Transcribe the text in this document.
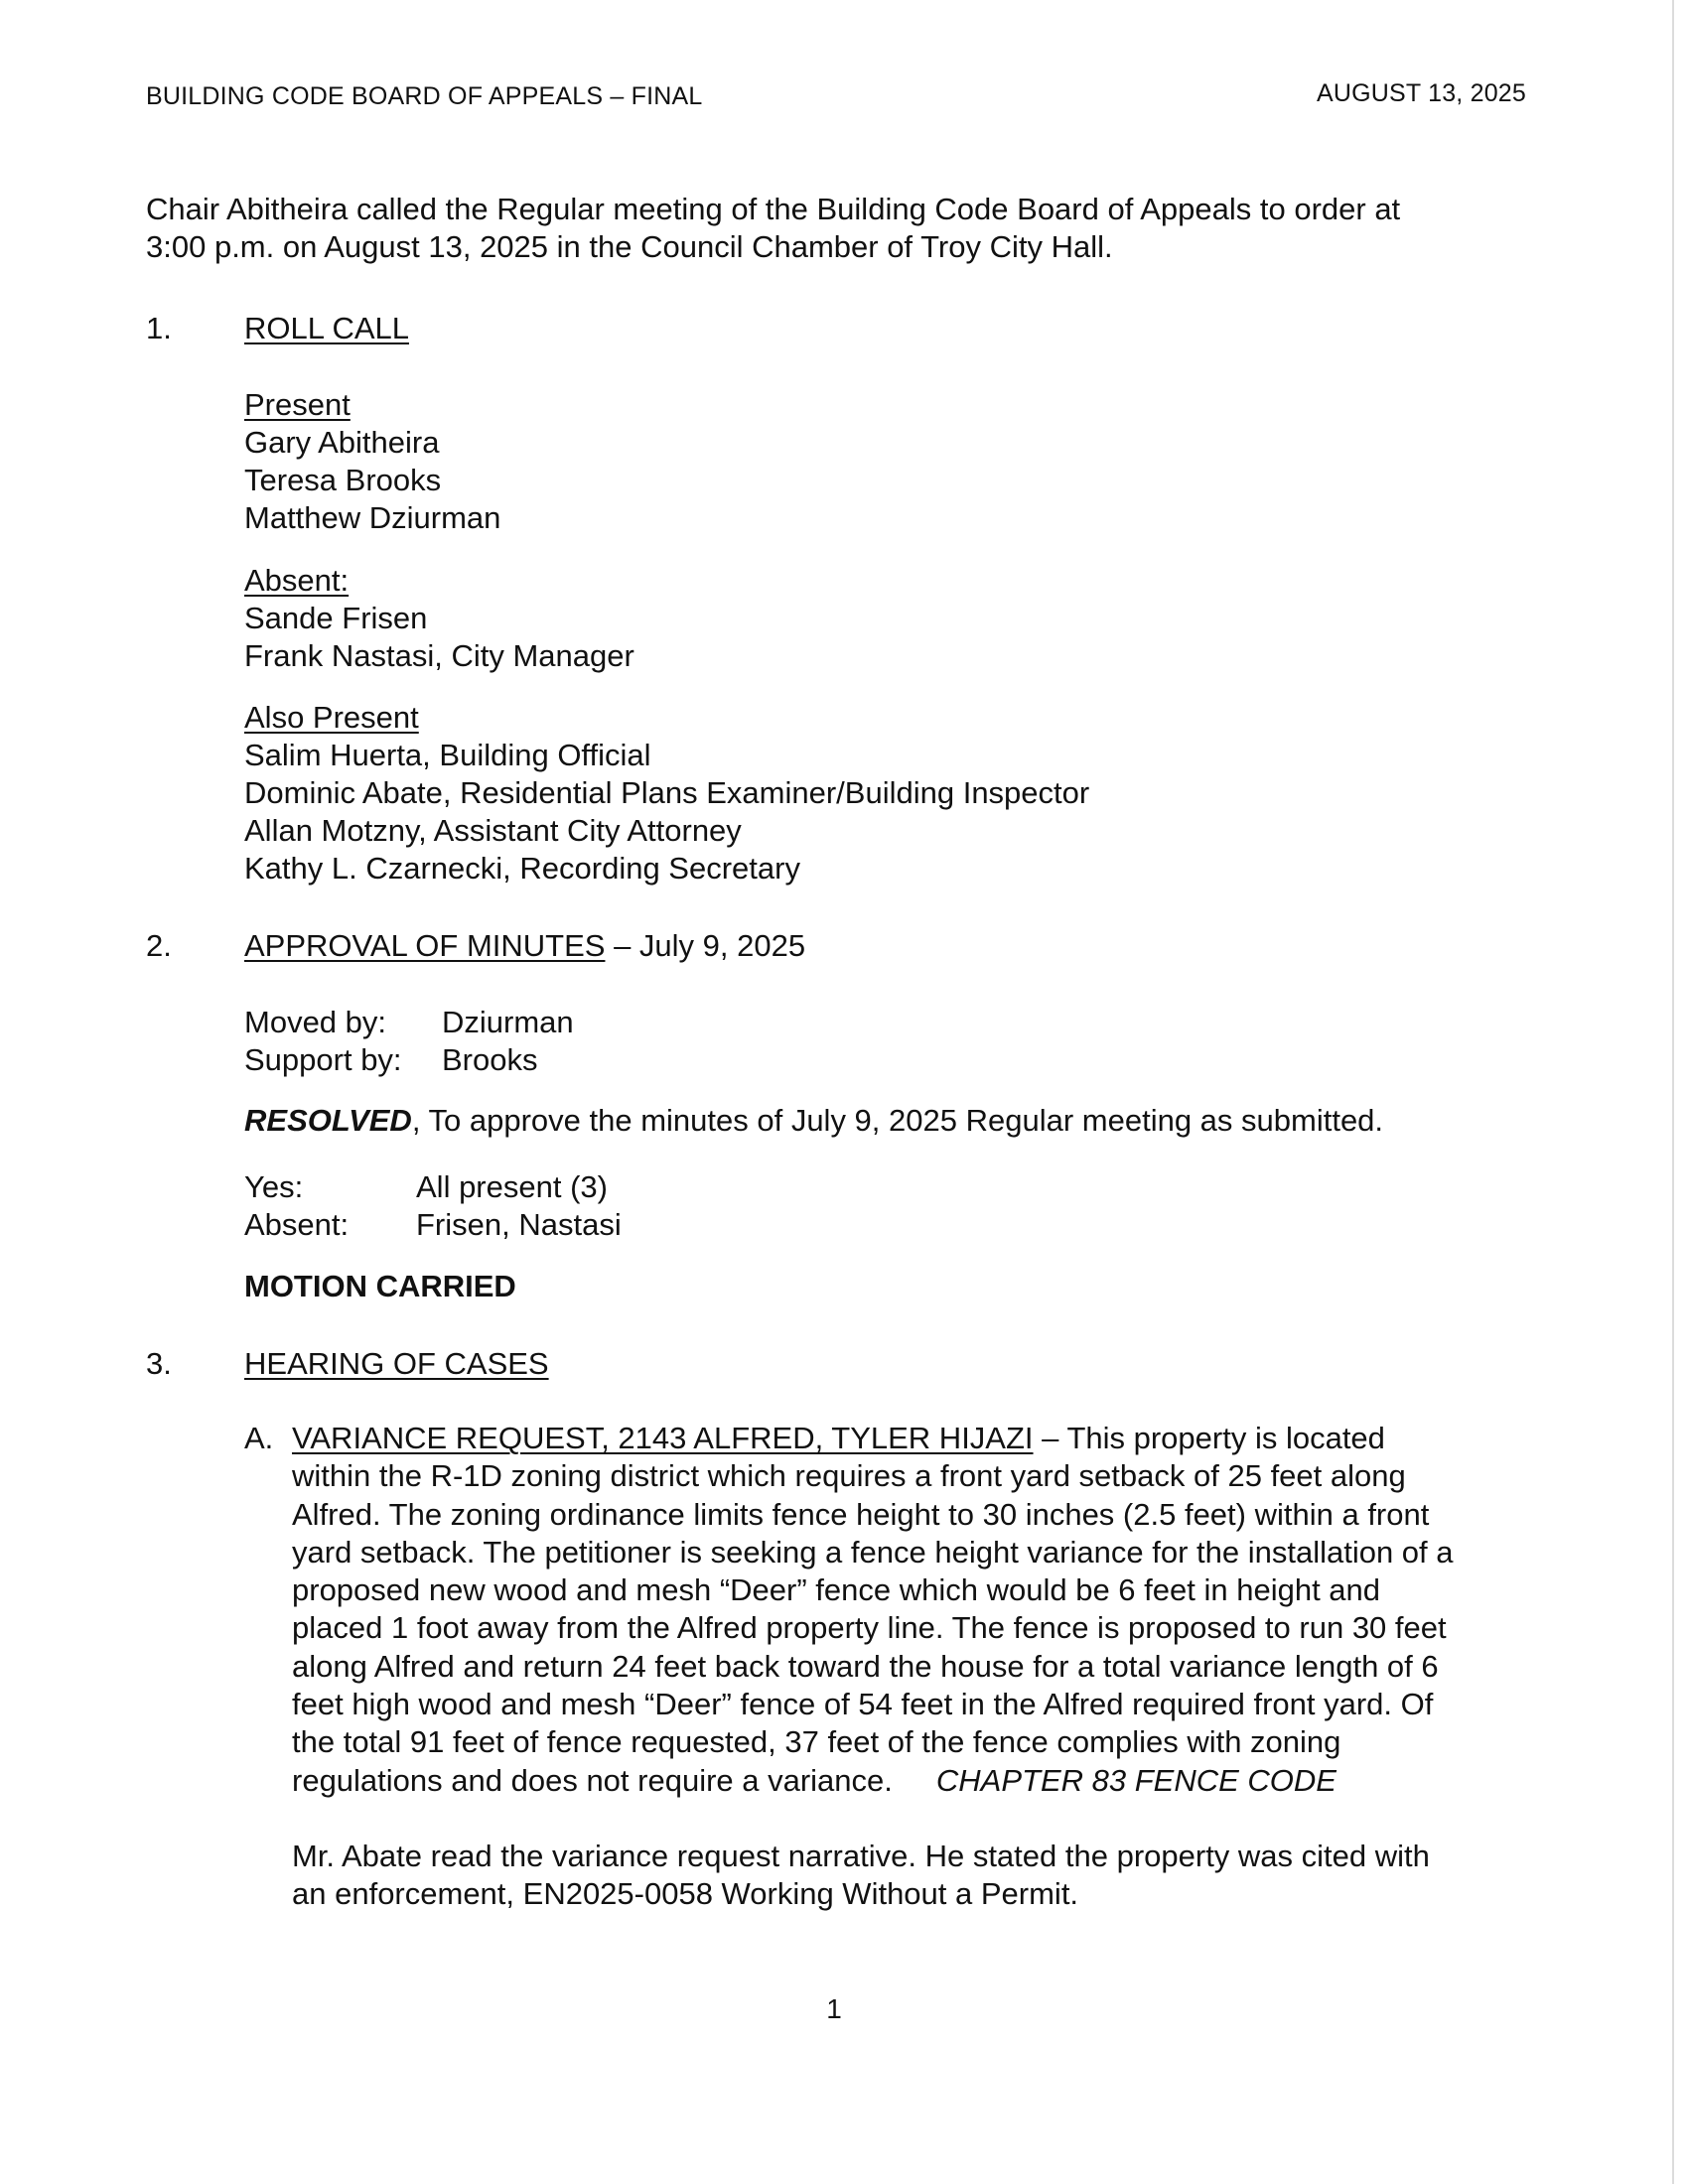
BUILDING CODE BOARD OF APPEALS – FINAL	AUGUST 13, 2025
Chair Abitheira called the Regular meeting of the Building Code Board of Appeals to order at
3:00 p.m. on August 13, 2025 in the Council Chamber of Troy City Hall.
1. ROLL CALL
Present
Gary Abitheira
Teresa Brooks
Matthew Dziurman
Absent:
Sande Frisen
Frank Nastasi, City Manager
Also Present
Salim Huerta, Building Official
Dominic Abate, Residential Plans Examiner/Building Inspector
Allan Motzny, Assistant City Attorney
Kathy L. Czarnecki, Recording Secretary
2. APPROVAL OF MINUTES – July 9, 2025
Moved by: Dziurman
Support by: Brooks
RESOLVED, To approve the minutes of July 9, 2025 Regular meeting as submitted.
Yes:	All present (3)
Absent: Frisen, Nastasi
MOTION CARRIED
3. HEARING OF CASES
A. VARIANCE REQUEST, 2143 ALFRED, TYLER HIJAZI – This property is located
within the R-1D zoning district which requires a front yard setback of 25 feet along
Alfred. The zoning ordinance limits fence height to 30 inches (2.5 feet) within a front
yard setback. The petitioner is seeking a fence height variance for the installation of a
proposed new wood and mesh “Deer” fence which would be 6 feet in height and
placed 1 foot away from the Alfred property line. The fence is proposed to run 30 feet
along Alfred and return 24 feet back toward the house for a total variance length of 6
feet high wood and mesh “Deer” fence of 54 feet in the Alfred required front yard. Of
the total 91 feet of fence requested, 37 feet of the fence complies with zoning
regulations and does not require a variance. CHAPTER 83 FENCE CODE
Mr. Abate read the variance request narrative. He stated the property was cited with
an enforcement, EN2025-0058 Working Without a Permit.
1
